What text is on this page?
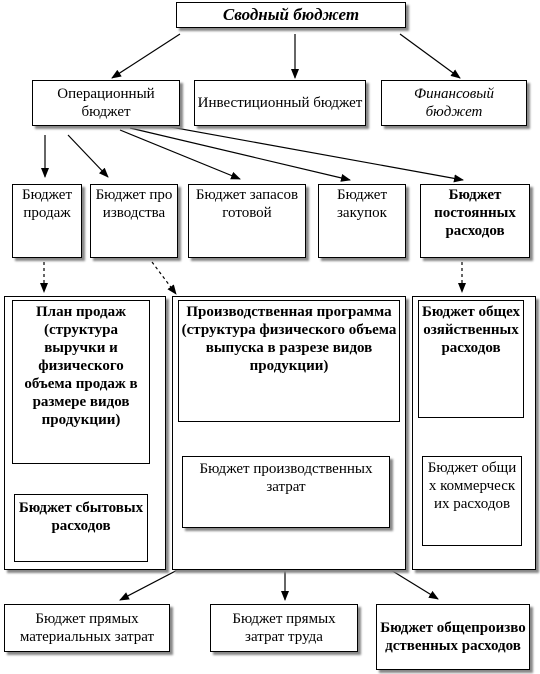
Сводный бюджет
Операционный бюджет
Инвестиционный бюджет
Финансовый бюджет
Бюджет продаж
Бюджет производства
Бюджет запасов готовой
Бюджет закупок
Бюджет постоянных расходов
План продаж (структура выручки и физического объема продаж в размере видов продукции)
Бюджет сбытовых расходов
Производственная программа (структура физического объема выпуска в разрезе видов продукции)
Бюджет производственных затрат
Бюджет общехозяйственных расходов
Бюджет общих коммерческих расходов
Бюджет прямых материальных затрат
Бюджет прямых затрат труда
Бюджет общепроизводственных расходов
